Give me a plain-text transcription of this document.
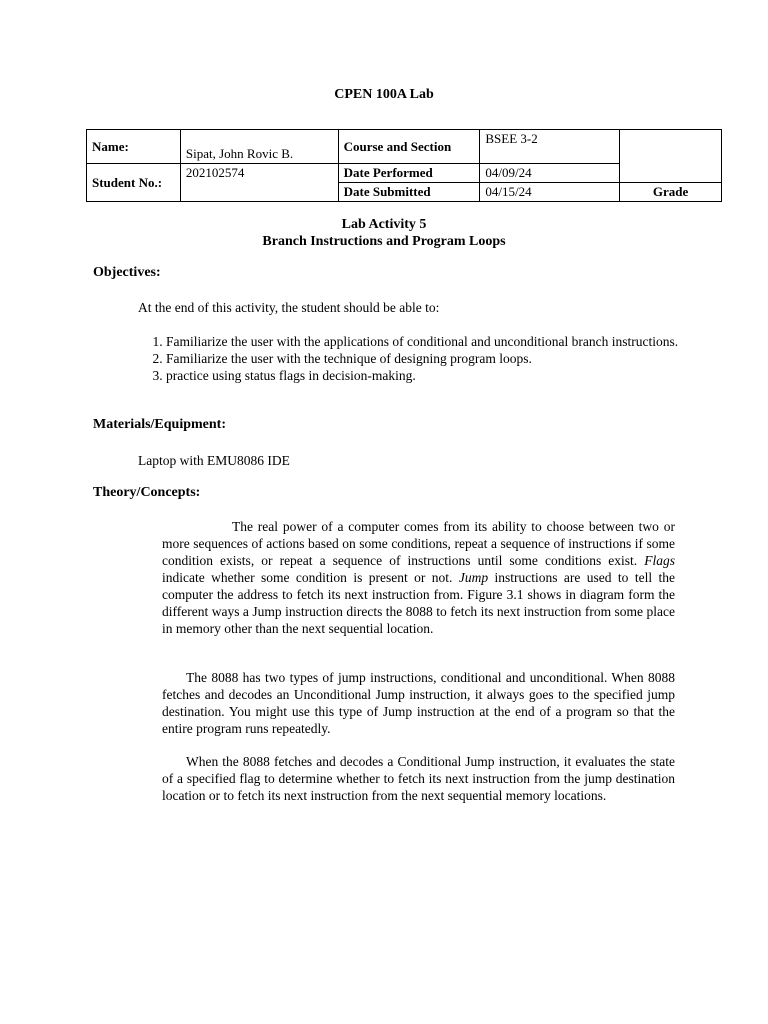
CPEN 100A Lab
Name:	Sipat, John Rovic B.	Course and Section	BSEE 3-2	
Student No.:	202102574	Date Performed	04/09/24	
		Date Submitted	04/15/24	Grade
Lab Activity 5
Branch Instructions and Program Loops
Objectives:
At the end of this activity, the student should be able to:
1. Familiarize the user with the applications of conditional and unconditional branch instructions.
2. Familiarize the user with the technique of designing program loops.
3. practice using status flags in decision-making.
Materials/Equipment:
Laptop with EMU8086 IDE
Theory/Concepts:

The real power of a computer comes from its ability to choose between two or more sequences of actions based on some conditions, repeat a sequence of instructions if some condition exists, or repeat a sequence of instructions until some conditions exist. Flags indicate whether some condition is present or not. Jump instructions are used to tell the computer the address to fetch its next instruction from. Figure 3.1 shows in diagram form the different ways a Jump instruction directs the 8088 to fetch its next instruction from some place in memory other than the next sequential location.

The 8088 has two types of jump instructions, conditional and unconditional. When 8088 fetches and decodes an Unconditional Jump instruction, it always goes to the specified jump destination. You might use this type of Jump instruction at the end of a program so that the entire program runs repeatedly.

When the 8088 fetches and decodes a Conditional Jump instruction, it evaluates the state of a specified flag to determine whether to fetch its next instruction from the jump destination location or to fetch its next instruction from the next sequential memory locations.
